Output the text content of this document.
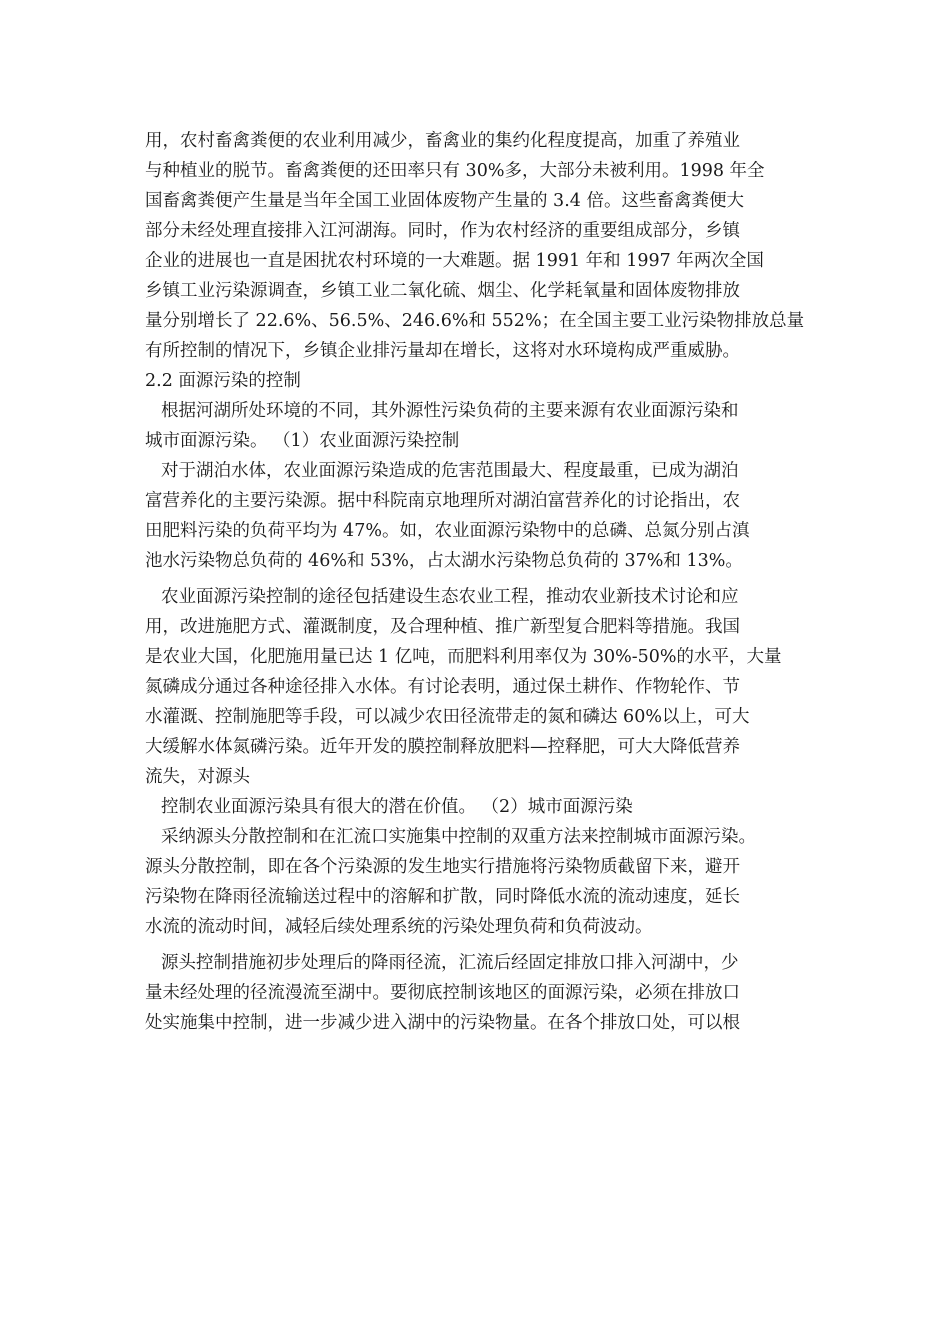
用，农村畜禽粪便的农业利用减少，畜禽业的集约化程度提高，加重了养殖业
与种植业的脱节。畜禽粪便的还田率只有 30%多，大部分未被利用。1998 年全
国畜禽粪便产生量是当年全国工业固体废物产生量的 3.4 倍。这些畜禽粪便大
部分未经处理直接排入江河湖海。同时，作为农村经济的重要组成部分，乡镇
企业的进展也一直是困扰农村环境的一大难题。据 1991 年和 1997 年两次全国
乡镇工业污染源调查，乡镇工业二氧化硫、烟尘、化学耗氧量和固体废物排放
量分别增长了 22.6%、56.5%、246.6%和 552%；在全国主要工业污染物排放总量
有所控制的情况下，乡镇企业排污量却在增长，这将对水环境构成严重威胁。
2.2 面源污染的控制
根据河湖所处环境的不同，其外源性污染负荷的主要来源有农业面源污染和
城市面源污染。 （1）农业面源污染控制
对于湖泊水体，农业面源污染造成的危害范围最大、程度最重，已成为湖泊
富营养化的主要污染源。据中科院南京地理所对湖泊富营养化的讨论指出，农
田肥料污染的负荷平均为 47%。如，农业面源污染物中的总磷、总氮分别占滇
池水污染物总负荷的 46%和 53%，占太湖水污染物总负荷的 37%和 13%。
农业面源污染控制的途径包括建设生态农业工程，推动农业新技术讨论和应
用，改进施肥方式、灌溉制度，及合理种植、推广新型复合肥料等措施。我国
是农业大国，化肥施用量已达 1 亿吨，而肥料利用率仅为 30%-50%的水平，大量
氮磷成分通过各种途径排入水体。有讨论表明，通过保土耕作、作物轮作、节
水灌溉、控制施肥等手段，可以减少农田径流带走的氮和磷达 60%以上，可大
大缓解水体氮磷污染。近年开发的膜控制释放肥料—控释肥，可大大降低营养
流失，对源头
控制农业面源污染具有很大的潜在价值。 （2）城市面源污染
采纳源头分散控制和在汇流口实施集中控制的双重方法来控制城市面源污染。
源头分散控制，即在各个污染源的发生地实行措施将污染物质截留下来，避开
污染物在降雨径流输送过程中的溶解和扩散，同时降低水流的流动速度，延长
水流的流动时间，减轻后续处理系统的污染处理负荷和负荷波动。
源头控制措施初步处理后的降雨径流，汇流后经固定排放口排入河湖中，少
量未经处理的径流漫流至湖中。要彻底控制该地区的面源污染，必须在排放口
处实施集中控制，进一步减少进入湖中的污染物量。在各个排放口处，可以根
